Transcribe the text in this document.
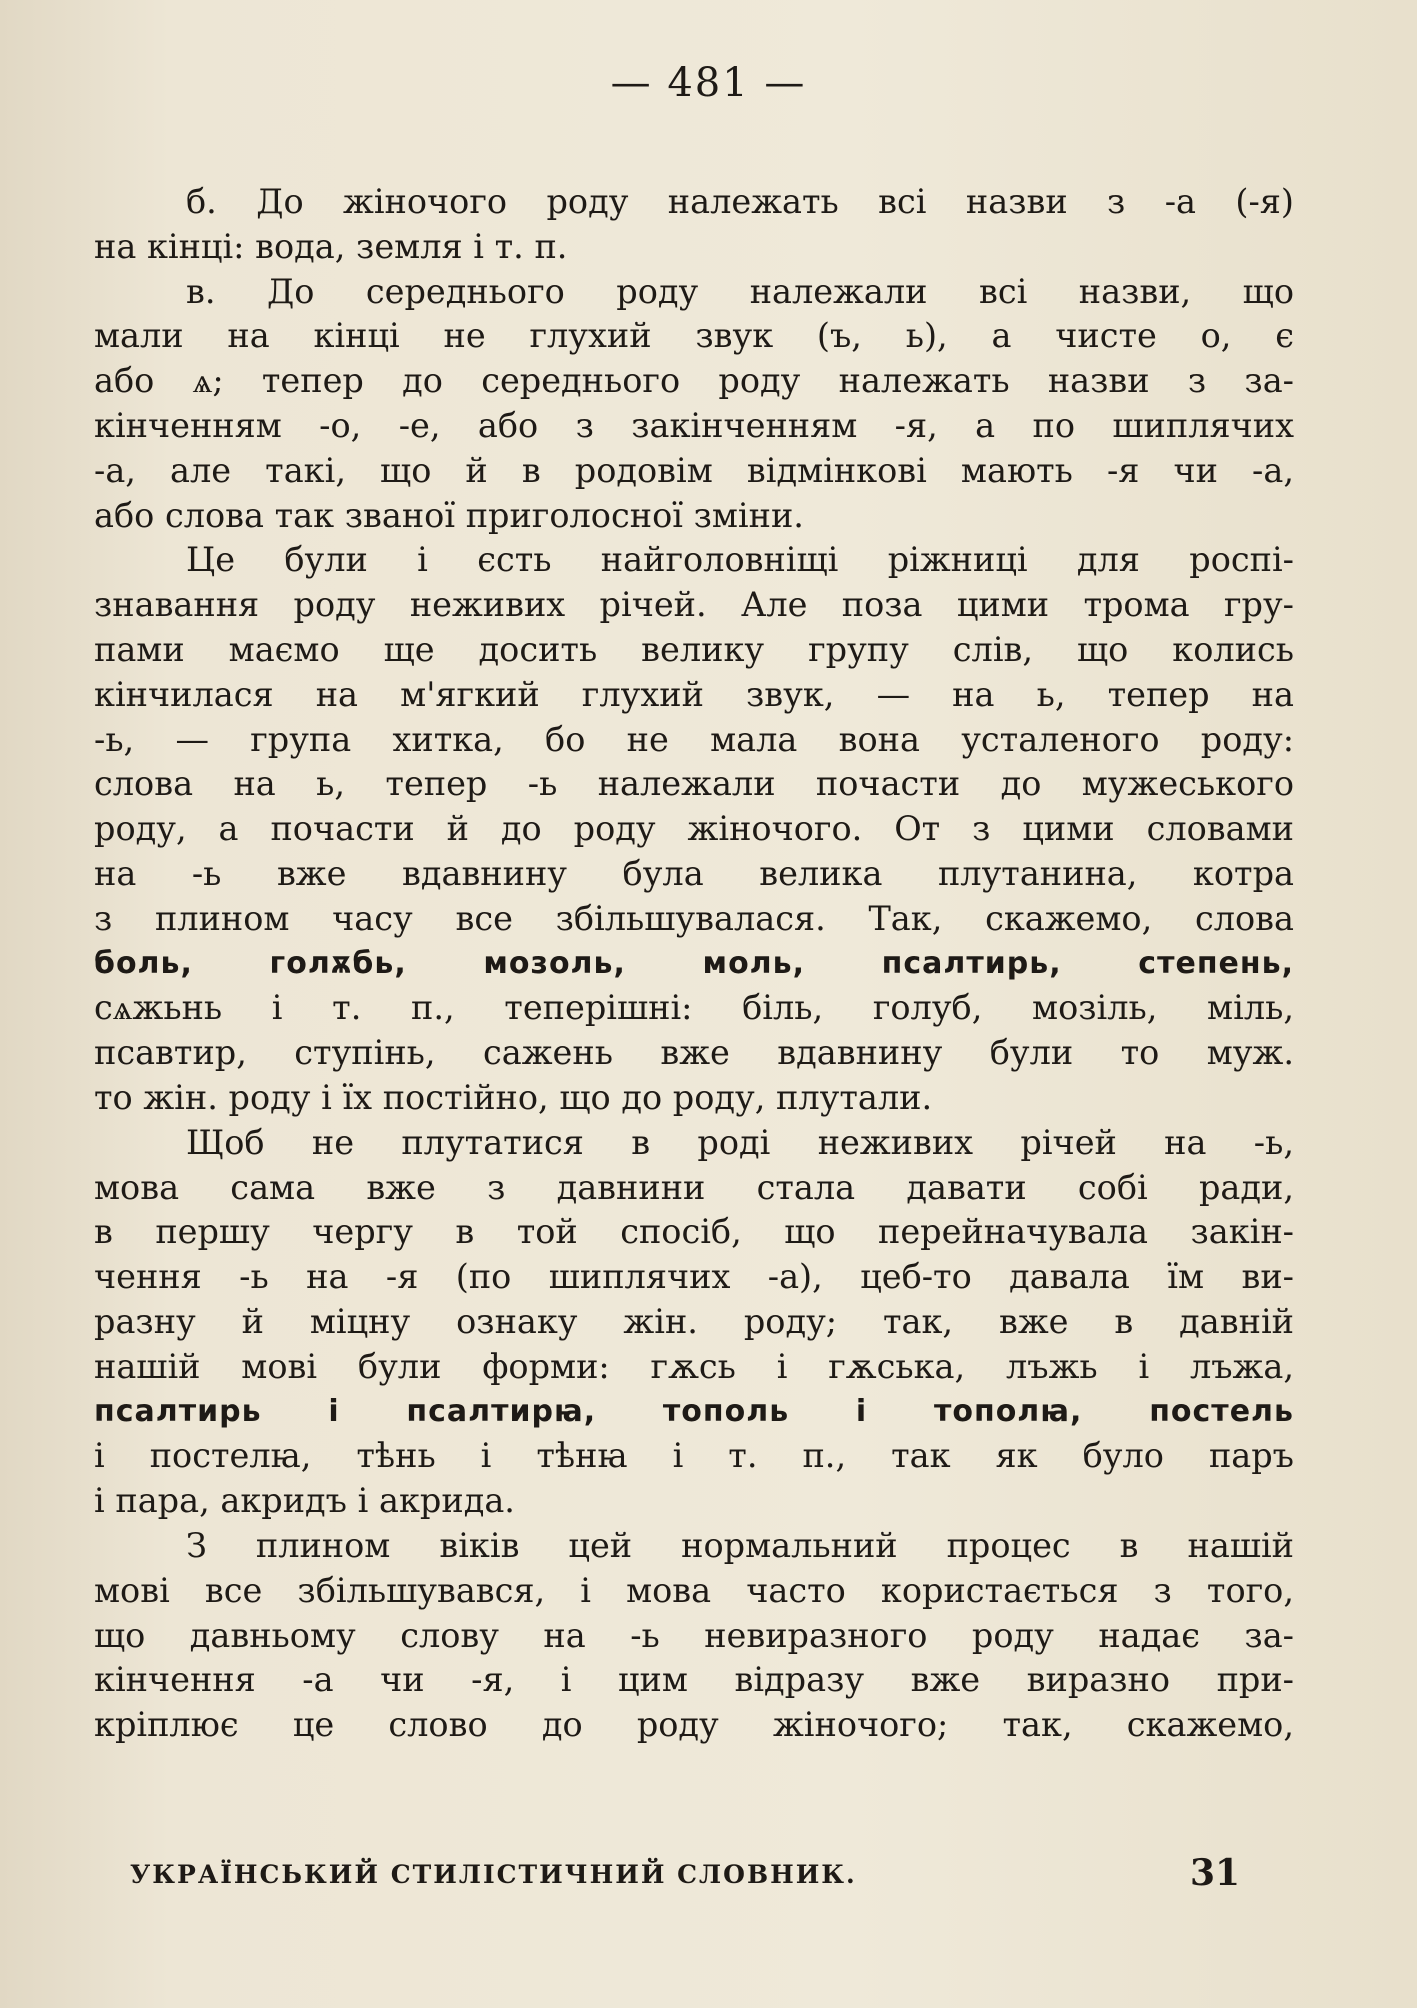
— 481 —
б. До жіночого роду належать всі назви з -а (-я)
на кінці: вода, земля і т. п.
в. До середнього роду належали всі назви, що
мали на кінці не глухий звук (ъ, ь), а чисте о, є
або ѧ; тепер до середнього роду належать назви з за-
кінченням -о, -е, або з закінченням -я, а по шиплячих
-а, але такі, що й в родовім відмінкові мають -я чи -а,
або слова так званої приголосної зміни.
Це були і єсть найголовніщі ріжниці для роспі-
знавання роду неживих річей. Але поза цими трома гру-
пами маємо ще досить велику групу слів, що колись
кінчилася на м'ягкий глухий звук, — на ь, тепер на
-ь, — група хитка, бо не мала вона усталеного роду:
слова на ь, тепер -ь належали почасти до мужеського
роду, а почасти й до роду жіночого. От з цими словами
на -ь вже вдавнину була велика плутанина, котра
з плином часу все збільшувалася. Так, скажемо, слова
боль, голѫбь, мозоль, моль, псалтирь, степень,
сѧжьнь і т. п., теперішні: біль, голуб, мозіль, міль,
псавтир, ступінь, сажень вже вдавнину були то муж.
то жін. роду і їх постійно, що до роду, плутали.
Щоб не плутатися в роді неживих річей на -ь,
мова сама вже з давнини стала давати собі ради,
в першу чергу в той спосіб, що перейначувала закін-
чення -ь на -я (по шиплячих -а), цеб-то давала їм ви-
разну й міцну ознаку жін. роду; так, вже в давній
нашій мові були форми: гѫсь і гѫська, лъжь і лъжа,
псалтирь і псалтирꙗ, тополь і тополꙗ, постель
і постелꙗ, тѣнь і тѣнꙗ і т. п., так як було паръ
і пара, акридъ і акрида.
З плином віків цей нормальний процес в нашій
мові все збільшувався, і мова часто користається з того,
що давньому слову на -ь невиразного роду надає за-
кінчення -а чи -я, і цим відразу вже виразно при-
кріплює це слово до роду жіночого; так, скажемо,
УКРАЇНСЬКИЙ СТИЛІСТИЧНИЙ СЛОВНИК.	31
